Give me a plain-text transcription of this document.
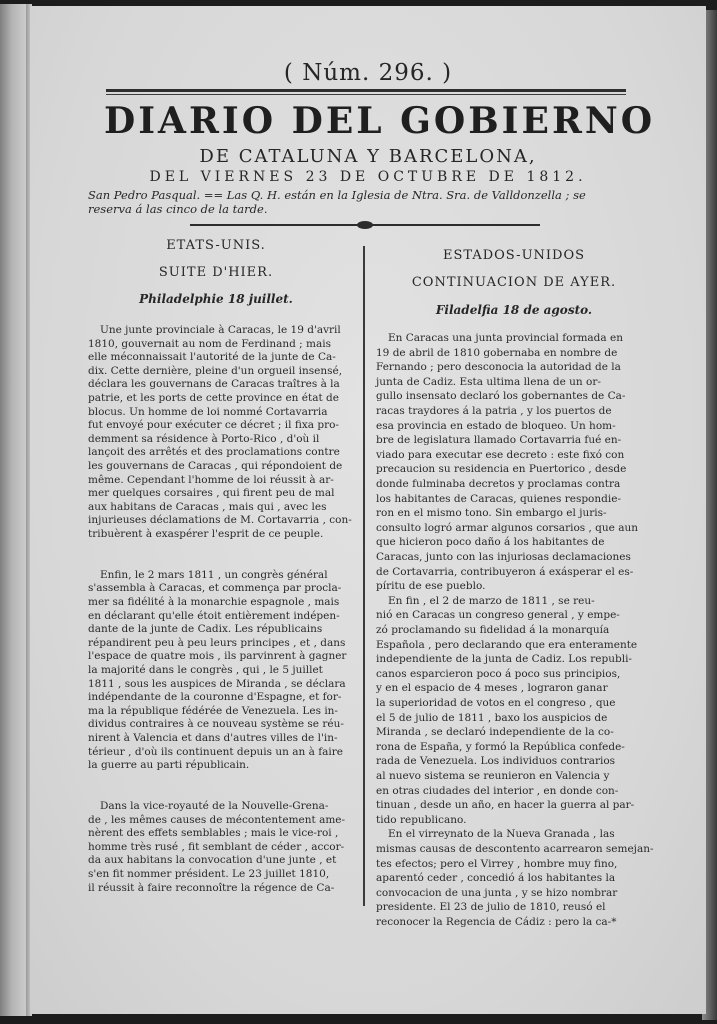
( Núm. 296. )
DIARIO DEL GOBIERNO
DE CATALUNA Y BARCELONA,
DEL VIERNES 23 DE OCTUBRE DE 1812.
San Pedro Pasqual. == Las Q. H. están en la Iglesia de Ntra. Sra. de Valldonzella ; se
reserva á las cinco de la tarde.
ETATS-UNIS.
SUITE D'HIER.
Philadelphie 18 juillet.
Une junte provinciale à Caracas, le 19 d'avril
1810, gouvernait au nom de Ferdinand ; mais
elle méconnaissait l'autorité de la junte de Ca-
dix. Cette dernière, pleine d'un orgueil insensé,
déclara les gouvernans de Caracas traîtres à la
patrie, et les ports de cette province en état de
blocus. Un homme de loi nommé Cortavarria
fut envoyé pour exécuter ce décret ; il fixa pro-
demment sa résidence à Porto-Rico , d'où il
lançoit des arrêtés et des proclamations contre
les gouvernans de Caracas , qui répondoient de
même. Cependant l'homme de loi réussit à ar-
mer quelques corsaires , qui firent peu de mal
aux habitans de Caracas , mais qui , avec les
injurieuses déclamations de M. Cortavarria , con-
tribuèrent à exaspérer l'esprit de ce peuple.
Enfin, le 2 mars 1811 , un congrès général
s'assembla à Caracas, et commença par procla-
mer sa fidélité à la monarchie espagnole , mais
en déclarant qu'elle étoit entièrement indépen-
dante de la junte de Cadix. Les républicains
répandirent peu à peu leurs principes , et , dans
l'espace de quatre mois , ils parvinrent à gagner
la majorité dans le congrès , qui , le 5 juillet
1811 , sous les auspices de Miranda , se déclara
indépendante de la couronne d'Espagne, et for-
ma la république fédérée de Venezuela. Les in-
dividus contraires à ce nouveau système se réu-
nirent à Valencia et dans d'autres villes de l'in-
térieur , d'où ils continuent depuis un an à faire
la guerre au parti républicain.
Dans la vice-royauté de la Nouvelle-Grena-
de , les mêmes causes de mécontentement ame-
nèrent des effets semblables ; mais le vice-roi ,
homme très rusé , fit semblant de céder , accor-
da aux habitans la convocation d'une junte , et
s'en fit nommer président. Le 23 juillet 1810,
il réussit à faire reconnoître la régence de Ca-
ESTADOS-UNIDOS
CONTINUACION DE AYER.
Filadelfia 18 de agosto.
En Caracas una junta provincial formada en
19 de abril de 1810 gobernaba en nombre de
Fernando ; pero desconocia la autoridad de la
junta de Cadiz. Esta ultima llena de un or-
gullo insensato declaró los gobernantes de Ca-
racas traydores á la patria , y los puertos de
esa provincia en estado de bloqueo. Un hom-
bre de legislatura llamado Cortavarria fué en-
viado para executar ese decreto : este fixó con
precaucion su residencia en Puertorico , desde
donde fulminaba decretos y proclamas contra
los habitantes de Caracas, quienes respondie-
ron en el mismo tono. Sin embargo el juris-
consulto logró armar algunos corsarios , que aun
que hicieron poco daño á los habitantes de
Caracas, junto con las injuriosas declamaciones
de Cortavarria, contribuyeron á exásperar el es-
píritu de ese pueblo.
En fin , el 2 de marzo de 1811 , se reu-
nió en Caracas un congreso general , y empe-
zó proclamando su fidelidad á la monarquía
Española , pero declarando que era enteramente
independiente de la junta de Cadiz. Los republi-
canos esparcieron poco á poco sus principios,
y en el espacio de 4 meses , lograron ganar
la superioridad de votos en el congreso , que
el 5 de julio de 1811 , baxo los auspicios de
Miranda , se declaró independiente de la co-
rona de España, y formó la República confede-
rada de Venezuela. Los individuos contrarios
al nuevo sistema se reunieron en Valencia y
en otras ciudades del interior , en donde con-
tinuan , desde un año, en hacer la guerra al par-
tido republicano.
En el virreynato de la Nueva Granada , las
mismas causas de descontento acarrearon semejan-
tes efectos; pero el Virrey , hombre muy fino,
aparentó ceder , concedió á los habitantes la
convocacion de una junta , y se hizo nombrar
presidente. El 23 de julio de 1810, reusó el
reconocer la Regencia de Cádiz : pero la ca-*
